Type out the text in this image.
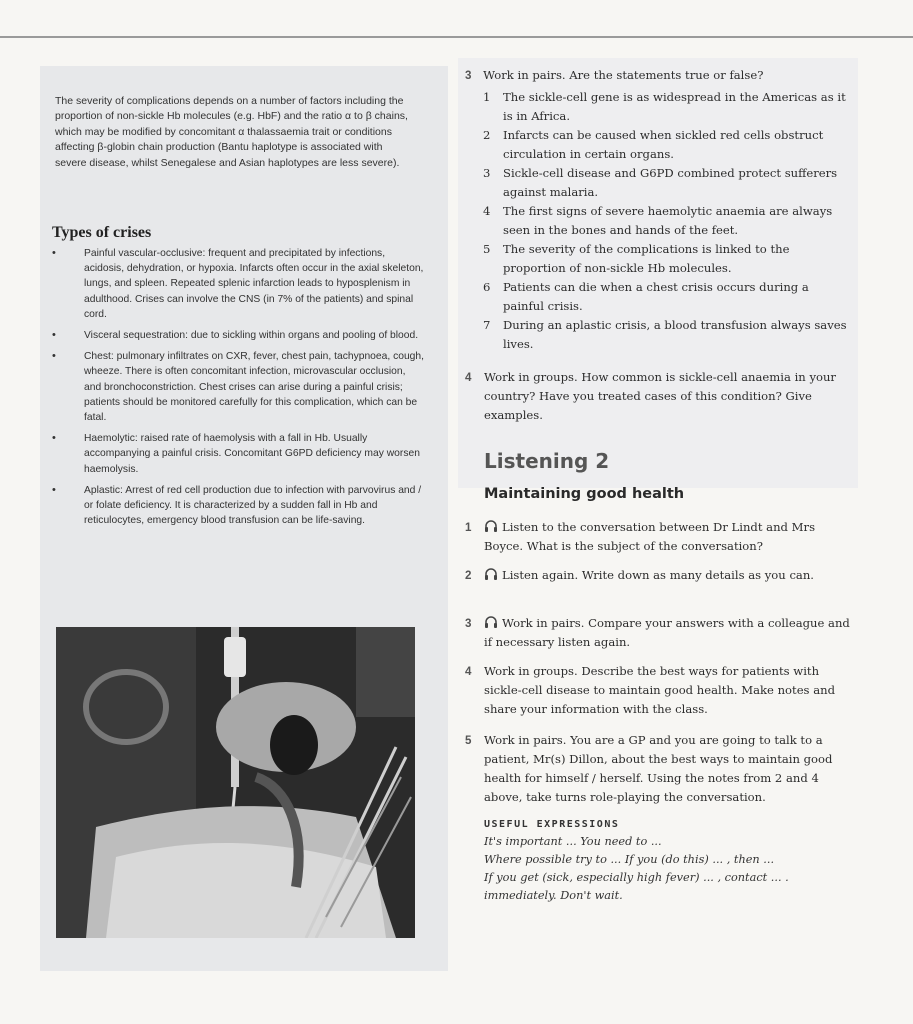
The severity of complications depends on a number of factors including the proportion of non-sickle Hb molecules (e.g. HbF) and the ratio α to β chains, which may be modified by concomitant α thalassaemia trait or conditions affecting β-globin chain production (Bantu haplotype is associated with severe disease, whilst Senegalese and Asian haplotypes are less severe).
Types of crises
•	Painful vascular-occlusive: frequent and precipitated by infections, acidosis, dehydration, or hypoxia. Infarcts often occur in the axial skeleton, lungs, and spleen. Repeated splenic infarction leads to hyposplenism in adulthood. Crises can involve the CNS (in 7% of the patients) and spinal cord.
•	Visceral sequestration: due to sickling within organs and pooling of blood.
•	Chest: pulmonary infiltrates on CXR, fever, chest pain, tachypnoea, cough, wheeze. There is often concomitant infection, microvascular occlusion, and bronchoconstriction. Chest crises can arise during a painful crisis; patients should be monitored carefully for this complication, which can be fatal.
•	Haemolytic: raised rate of haemolysis with a fall in Hb. Usually accompanying a painful crisis. Concomitant G6PD deficiency may worsen haemolysis.
•	Aplastic: Arrest of red cell production due to infection with parvovirus and / or folate deficiency. It is characterized by a sudden fall in Hb and reticulocytes, emergency blood transfusion can be life-saving.
3 Work in pairs. Are the statements true or false?
1 The sickle-cell gene is as widespread in the Americas as it is in Africa.
2 Infarcts can be caused when sickled red cells obstruct circulation in certain organs.
3 Sickle-cell disease and G6PD combined protect sufferers against malaria.
4 The first signs of severe haemolytic anaemia are always seen in the bones and hands of the feet.
5 The severity of the complications is linked to the proportion of non-sickle Hb molecules.
6 Patients can die when a chest crisis occurs during a painful crisis.
7 During an aplastic crisis, a blood transfusion always saves lives.
4 Work in groups. How common is sickle-cell anaemia in your country? Have you treated cases of this condition? Give examples.
Listening 2
Maintaining good health
1	Listen to the conversation between Dr Lindt and Mrs Boyce. What is the subject of the conversation?
2	Listen again. Write down as many details as you can.
3	Work in pairs. Compare your answers with a colleague and if necessary listen again.
4 Work in groups. Describe the best ways for patients with sickle-cell disease to maintain good health. Make notes and share your information with the class.
5 Work in pairs. You are a GP and you are going to talk to a patient, Mr(s) Dillon, about the best ways to maintain good health for himself / herself. Using the notes from 2 and 4 above, take turns role-playing the conversation.
USEFUL EXPRESSIONS
It's important ... You need to ...
Where possible try to ... If you (do this) ... , then ...
If you get (sick, especially high fever) ... , contact ... .
immediately. Don't wait.
